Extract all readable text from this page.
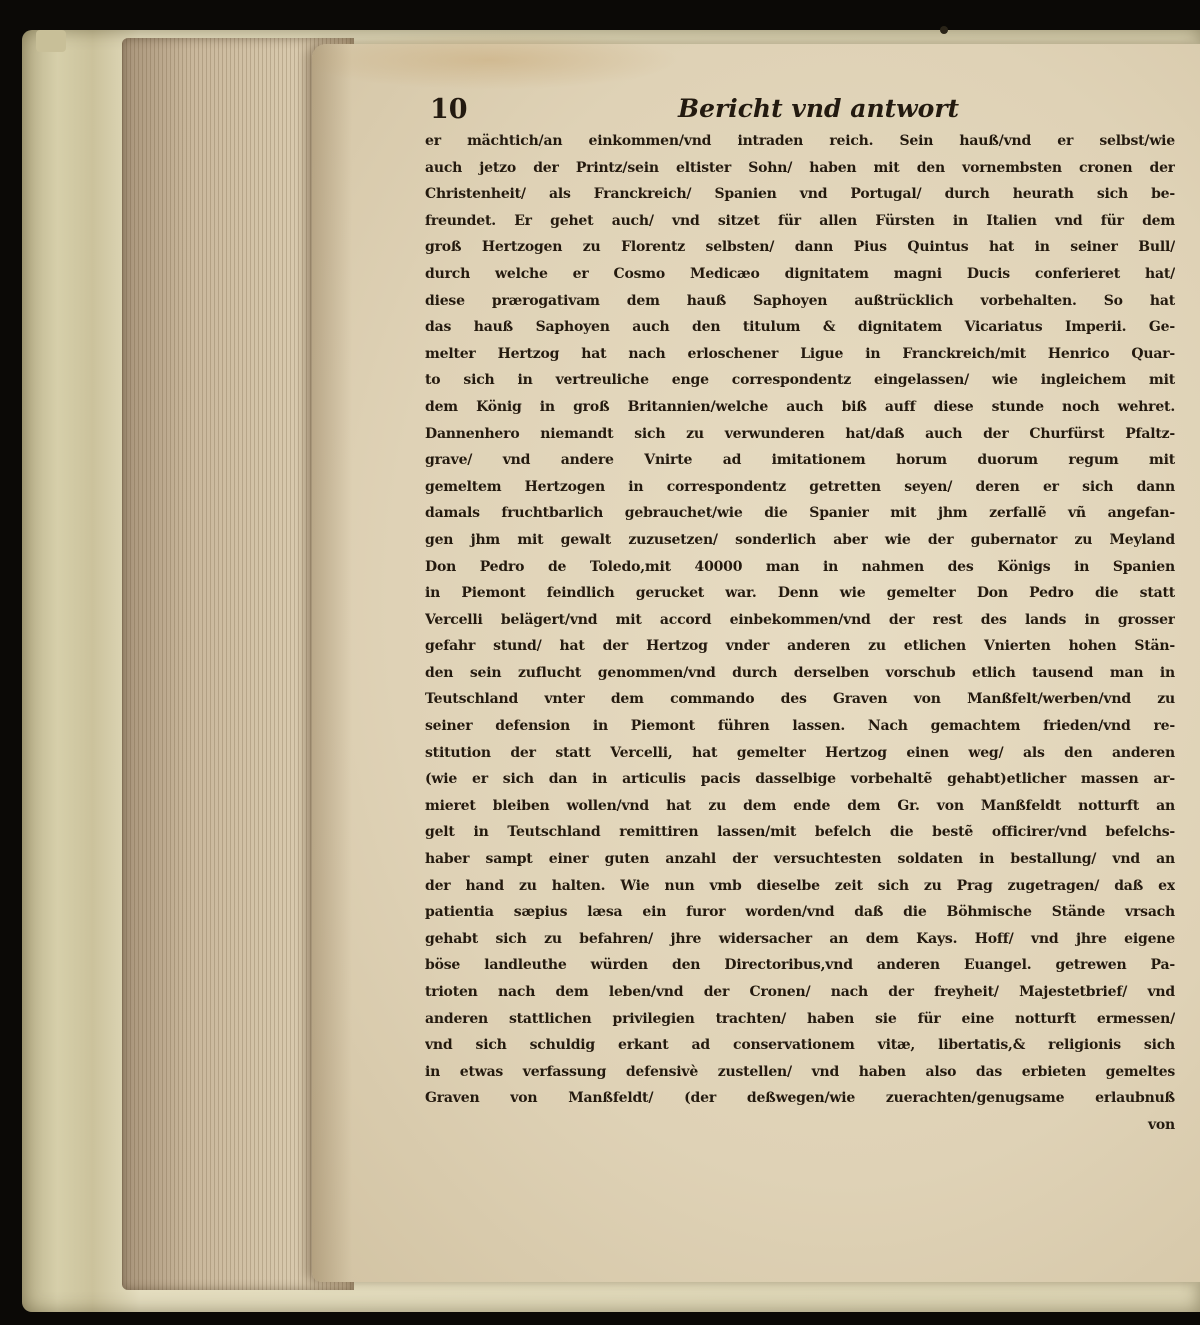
10	Bericht vnd antwort
er mächtich/an einkommen/vnd intraden reich. Sein hauß/vnd er selbst/wie
auch jetzo der Printz/sein eltister Sohn/ haben mit den vornembsten cronen der
Christenheit/ als Franckreich/ Spanien vnd Portugal/ durch heurath sich be-
freundet. Er gehet auch/ vnd sitzet für allen Fürsten in Italien vnd für dem
groß Hertzogen zu Florentz selbsten/ dann Pius Quintus hat in seiner Bull/
durch welche er Cosmo Medicæo dignitatem magni Ducis conferieret hat/
diese prærogativam dem hauß Saphoyen außtrücklich vorbehalten. So hat
das hauß Saphoyen auch den titulum & dignitatem Vicariatus Imperii. Ge-
melter Hertzog hat nach erloschener Ligue in Franckreich/mit Henrico Quar-
to sich in vertreuliche enge correspondentz eingelassen/ wie ingleichem mit
dem König in groß Britannien/welche auch biß auff diese stunde noch wehret.
Dannenhero niemandt sich zu verwunderen hat/daß auch der Churfürst Pfaltz-
grave/ vnd andere Vnirte ad imitationem horum duorum regum mit
gemeltem Hertzogen in correspondentz getretten seyen/ deren er sich dann
damals fruchtbarlich gebrauchet/wie die Spanier mit jhm zerfallẽ vñ angefan-
gen jhm mit gewalt zuzusetzen/ sonderlich aber wie der gubernator zu Meyland
Don Pedro de Toledo,mit 40000 man in nahmen des Königs in Spanien
in Piemont feindlich gerucket war. Denn wie gemelter Don Pedro die statt
Vercelli belägert/vnd mit accord einbekommen/vnd der rest des lands in grosser
gefahr stund/ hat der Hertzog vnder anderen zu etlichen Vnierten hohen Stän-
den sein zuflucht genommen/vnd durch derselben vorschub etlich tausend man in
Teutschland vnter dem commando des Graven von Manßfelt/werben/vnd zu
seiner defension in Piemont führen lassen. Nach gemachtem frieden/vnd re-
stitution der statt Vercelli, hat gemelter Hertzog einen weg/ als den anderen
(wie er sich dan in articulis pacis dasselbige vorbehaltẽ gehabt)etlicher massen ar-
mieret bleiben wollen/vnd hat zu dem ende dem Gr. von Manßfeldt notturft an
gelt in Teutschland remittiren lassen/mit befelch die bestẽ officirer/vnd befelchs-
haber sampt einer guten anzahl der versuchtesten soldaten in bestallung/ vnd an
der hand zu halten. Wie nun vmb dieselbe zeit sich zu Prag zugetragen/ daß ex
patientia sæpius læsa ein furor worden/vnd daß die Böhmische Stände vrsach
gehabt sich zu befahren/ jhre widersacher an dem Kays. Hoff/ vnd jhre eigene
böse landleuthe würden den Directoribus,vnd anderen Euangel. getrewen Pa-
trioten nach dem leben/vnd der Cronen/ nach der freyheit/ Majestetbrief/ vnd
anderen stattlichen privilegien trachten/ haben sie für eine notturft ermessen/
vnd sich schuldig erkant ad conservationem vitæ, libertatis,& religionis sich
in etwas verfassung defensivè zustellen/ vnd haben also das erbieten gemeltes
Graven von Manßfeldt/ (der deßwegen/wie zuerachten/genugsame erlaubnuß
von
